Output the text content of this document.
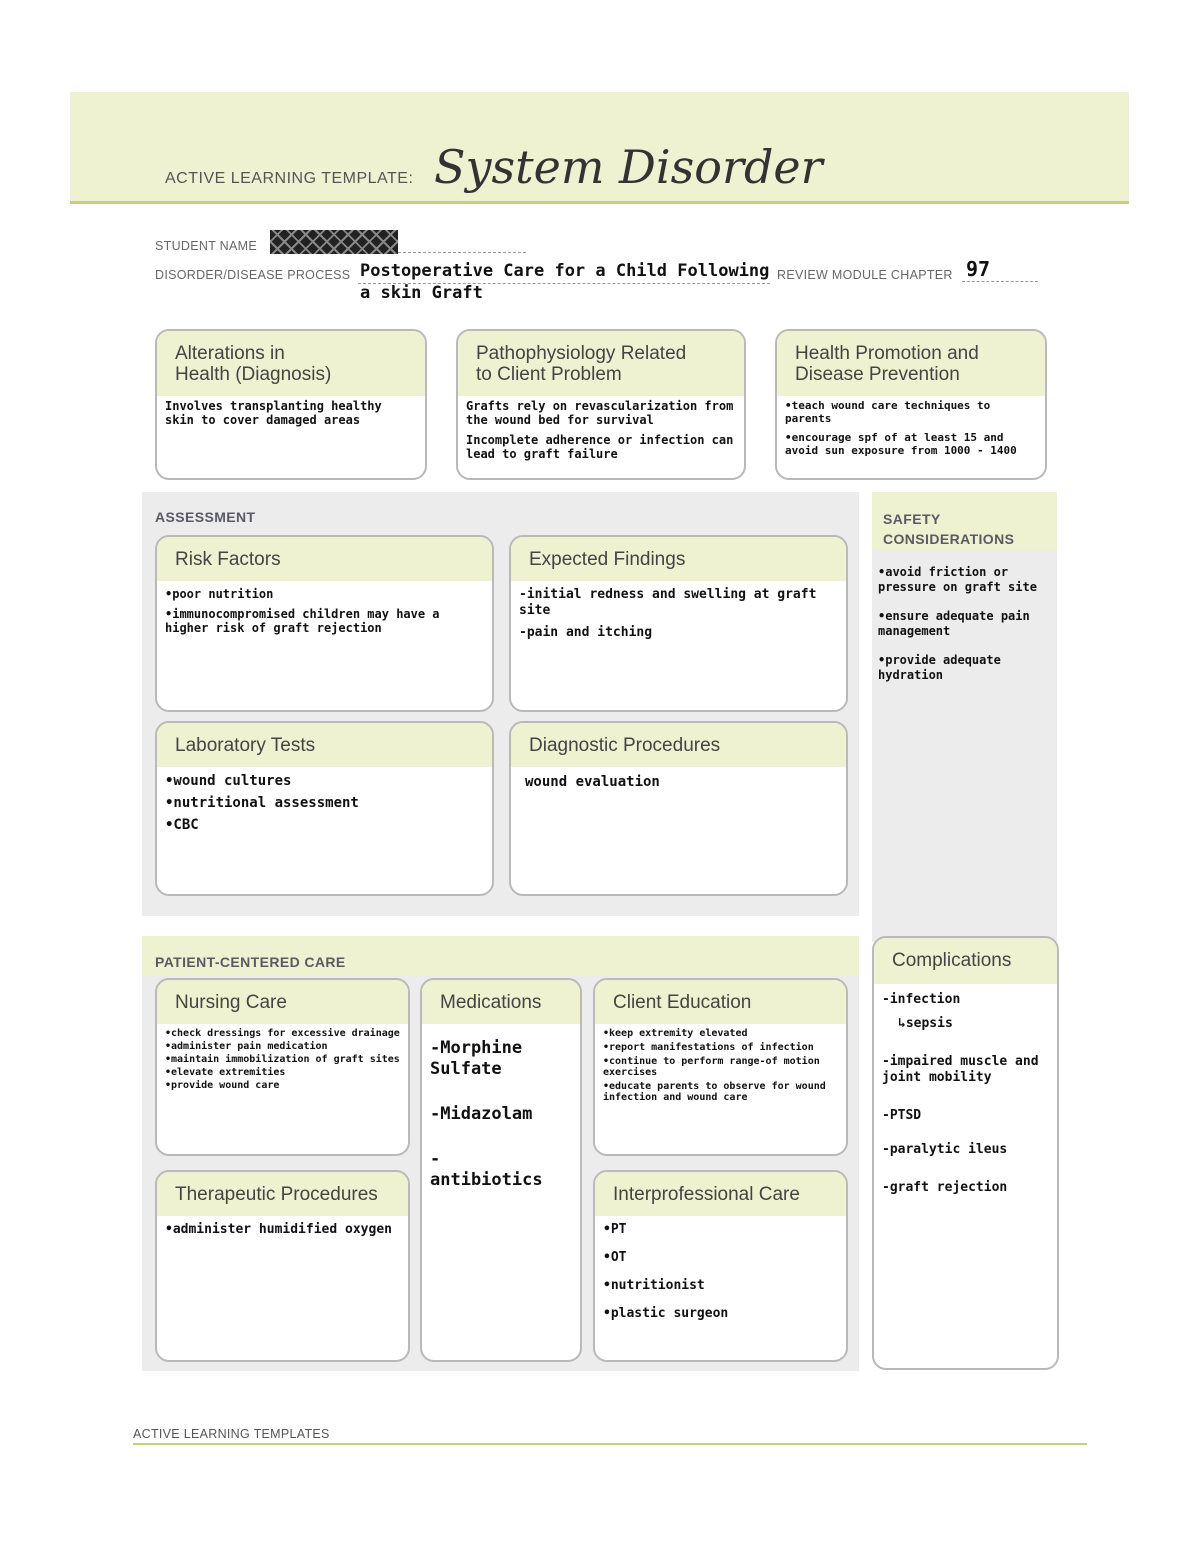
ACTIVE LEARNING TEMPLATE: System Disorder
STUDENT NAME
DISORDER/DISEASE PROCESS Postoperative Care for a Child Following
a skin Graft
REVIEW MODULE CHAPTER 97
Alterations in
Health (Diagnosis)
Involves transplanting healthy skin to cover damaged areas
Pathophysiology Related
to Client Problem
Grafts rely on revascularization from the wound bed for survival
Incomplete adherence or infection can lead to graft failure
Health Promotion and
Disease Prevention
•teach wound care techniques to parents
•encourage spf of at least 15 and avoid sun exposure from 1000 - 1400
ASSESSMENT
Risk Factors
•poor nutrition
•immunocompromised children may have a higher risk of graft rejection
Expected Findings
-initial redness and swelling at graft site
-pain and itching
Laboratory Tests
•wound cultures
•nutritional assessment
•CBC
Diagnostic Procedures
wound evaluation
SAFETY
CONSIDERATIONS
•avoid friction or pressure on graft site
•ensure adequate pain management
•provide adequate hydration
PATIENT-CENTERED CARE
Nursing Care
•check dressings for excessive drainage
•administer pain medication
•maintain immobilization of graft sites
•elevate extremities
•provide wound care
Medications
-Morphine Sulfate
-Midazolam
-antibiotics
Client Education
•keep extremity elevated
•report manifestations of infection
•continue to perform range-of motion exercises
•educate parents to observe for wound infection and wound care
Therapeutic Procedures
•administer humidified oxygen
Interprofessional Care
•PT
•OT
•nutritionist
•plastic surgeon
Complications
-infection
↳sepsis
-impaired muscle and joint mobility
-PTSD
-paralytic ileus
-graft rejection
ACTIVE LEARNING TEMPLATES
